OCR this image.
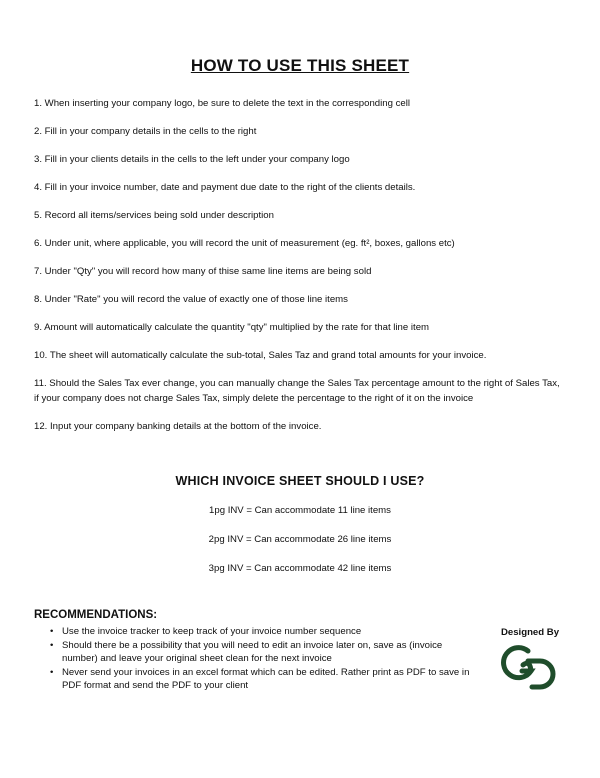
HOW TO USE THIS SHEET

1. When inserting your company logo, be sure to delete the text in the corresponding cell

2. Fill in your company details in the cells to the right

3. Fill in your clients details in the cells to the left under your company logo

4. Fill in your invoice number, date and payment due date to the right of the clients details.

5. Record all items/services being sold under description

6. Under unit, where applicable, you will record the unit of measurement (eg. ft², boxes, gallons etc)

7. Under "Qty" you will record how many of thise same line items are being sold

8. Under "Rate" you will record the value of exactly one of those line items

9. Amount will automatically calculate the quantity "qty" multiplied by the rate for that line item

10. The sheet will automatically calculate the sub-total, Sales Taz and grand total amounts for your invoice.

11. Should the Sales Tax ever change, you can manually change the Sales Tax percentage amount to the right of Sales Tax, if your company does not charge Sales Tax, simply delete the percentage to the right of it on the invoice

12. Input your company banking details at the bottom of the invoice.

WHICH INVOICE SHEET SHOULD I USE?
1pg INV = Can accommodate 11 line items
2pg INV = Can accommodate 26 line items
3pg INV = Can accommodate 42 line items
RECOMMENDATIONS:
• Use the invoice tracker to keep track of your invoice number sequence
• Should there be a possibility that you will need to edit an invoice later on, save as (invoice number) and leave your original sheet clean for the next invoice
• Never send your invoices in an excel format which can be edited. Rather print as PDF to save in PDF format and send the PDF to your client
Designed By
